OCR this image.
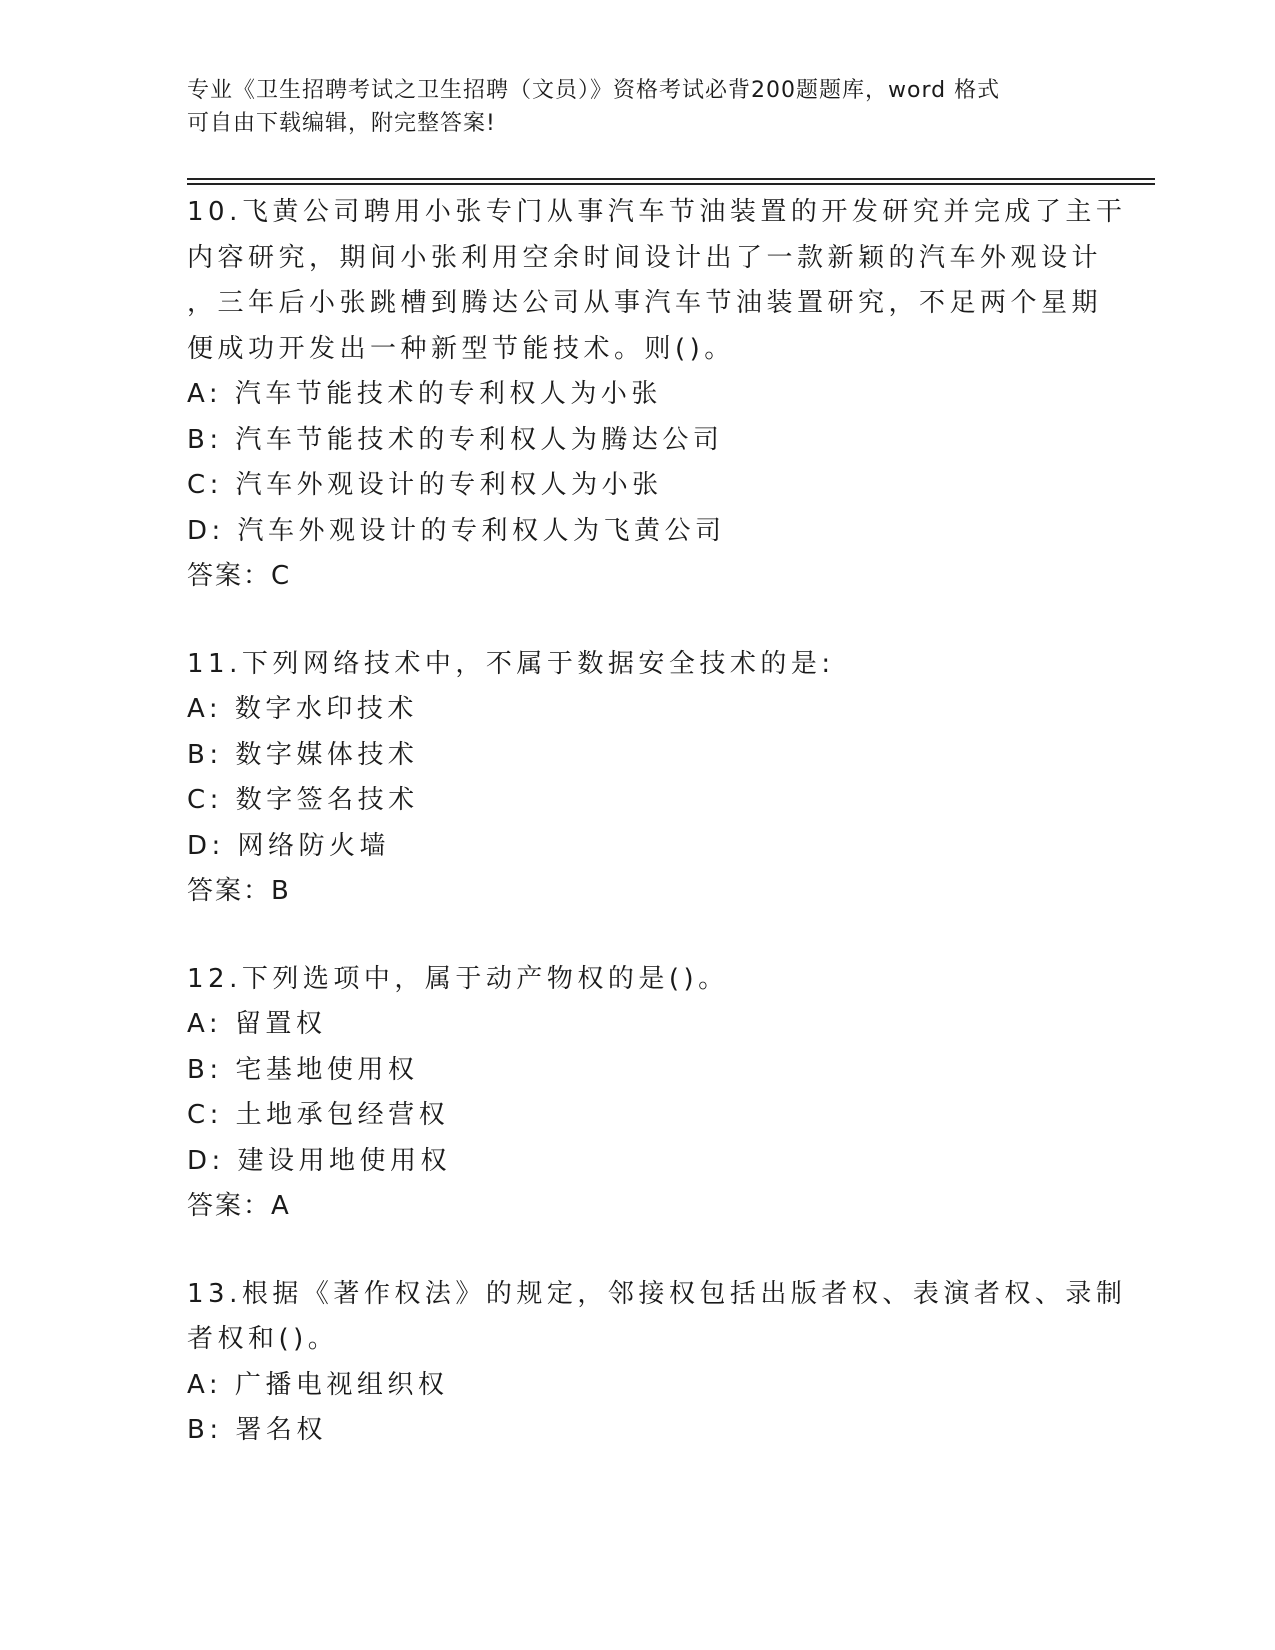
专业《卫生招聘考试之卫生招聘（文员）》资格考试必背200题题库，word 格式
可自由下载编辑，附完整答案!
10.飞黄公司聘用小张专门从事汽车节油装置的开发研究并完成了主干
内容研究，期间小张利用空余时间设计出了一款新颖的汽车外观设计
，三年后小张跳槽到腾达公司从事汽车节油装置研究，不足两个星期
便成功开发出一种新型节能技术。则()。
A: 汽车节能技术的专利权人为小张
B: 汽车节能技术的专利权人为腾达公司
C: 汽车外观设计的专利权人为小张
D: 汽车外观设计的专利权人为飞黄公司
答案：C
11.下列网络技术中，不属于数据安全技术的是:
A: 数字水印技术
B: 数字媒体技术
C: 数字签名技术
D: 网络防火墙
答案：B
12.下列选项中，属于动产物权的是()。
A: 留置权
B: 宅基地使用权
C: 土地承包经营权
D: 建设用地使用权
答案：A
13.根据《著作权法》的规定，邻接权包括出版者权、表演者权、录制
者权和()。
A: 广播电视组织权
B: 署名权
